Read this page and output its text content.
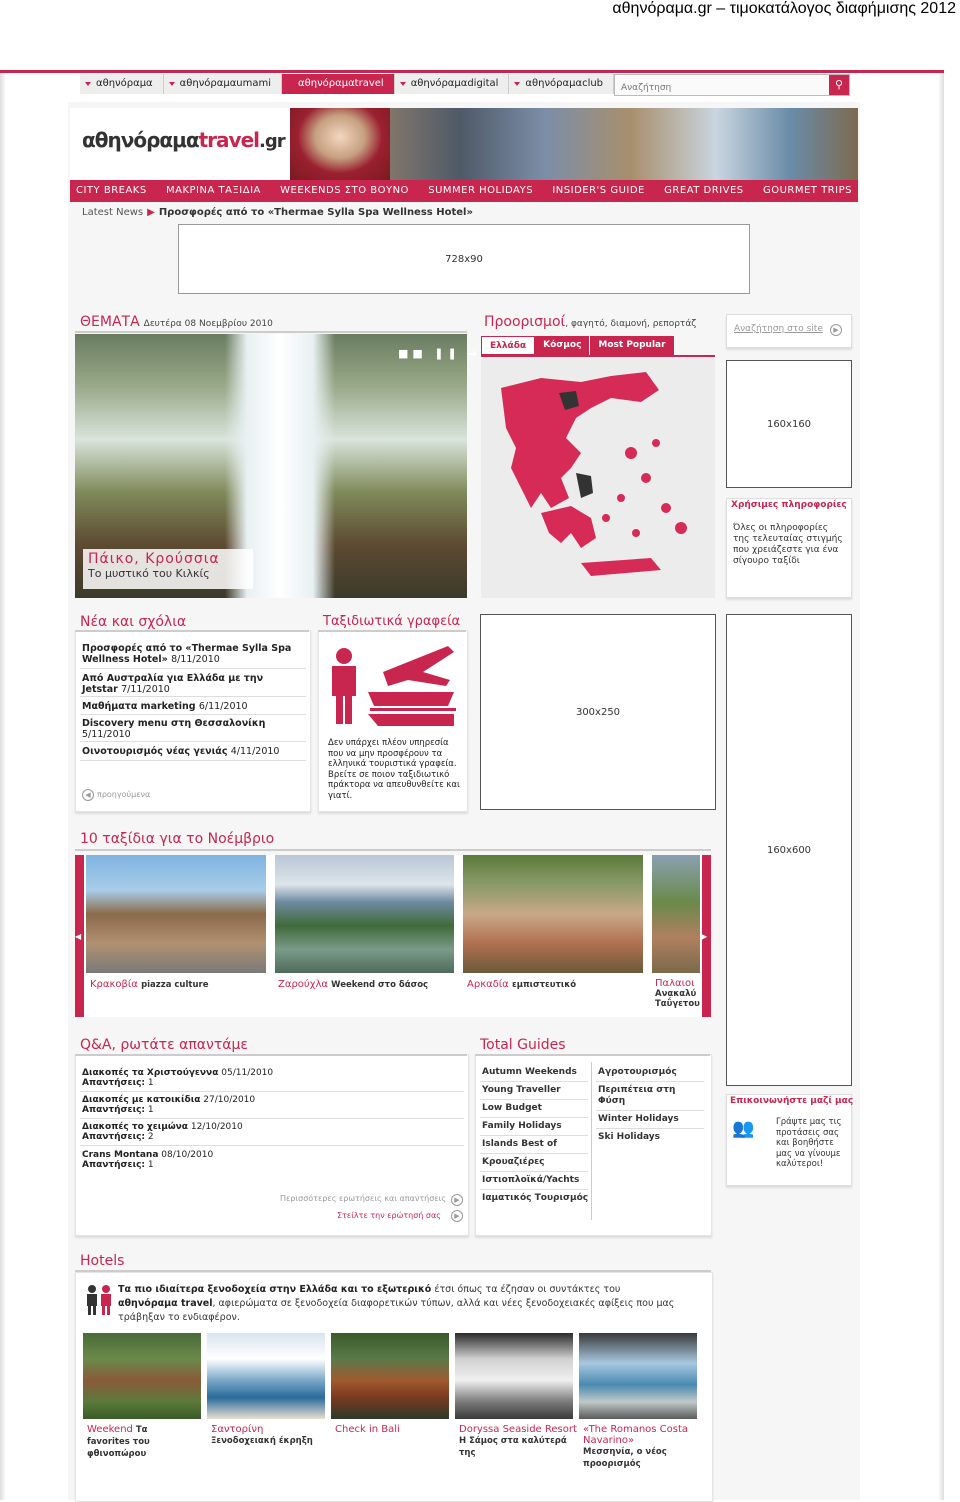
αθηνόραμα.gr – τιμοκατάλογος διαφήμισης 2012
αθηνόραμα	αθηνόραμαumami	αθηνόραμαtravel	αθηνόραμαdigital	αθηνόραμαclub
Αναζήτηση	⚲
αθηνόραμαtravel.gr
CITY BREAKS ΜΑΚΡΙΝΑ ΤΑΞΙΔΙΑ WEEKENDS ΣΤΟ ΒΟΥΝΟ SUMMER HOLIDAYS INSIDER'S GUIDE GREAT DRIVES GOURMET TRIPS
Latest News ▶ Προσφορές από το «Thermae Sylla Spa Wellness Hotel»
728x90
ΘΕΜΑΤΑ Δευτέρα 08 Νοεμβρίου 2010
■■ ❚❚ ➜
Πάικο, Κρούσσια
Το μυστικό του Κιλκίς
Προορισμοί, φαγητό, διαμονή, ρεπορτάζ
Ελλάδα	Κόσμος	Most Popular
Αναζήτηση στο site	▶
160x160
Χρήσιμες πληροφορίες
Όλες οι πληροφορίες της τελευταίας στιγμής που χρειάζεστε για ένα σίγουρο ταξίδι
160x600
Επικοινωνήστε μαζί μας
👥	Γράψτε μας τις προτάσεις σας και βοηθήστε μας να γίνουμε καλύτεροι!
Νέα και σχόλια
Προσφορές από το «Thermae Sylla Spa Wellness Hotel» 8/11/2010
Από Αυστραλία για Ελλάδα με την Jetstar 7/11/2010
Μαθήματα marketing 6/11/2010
Discovery menu στη Θεσσαλονίκη 5/11/2010
Οινοτουρισμός νέας γενιάς 4/11/2010
◀ προηγούμενα
Ταξιδιωτικά γραφεία
Δεν υπάρχει πλέον υπηρεσία που να μην προσφέρουν τα ελληνικά τουριστικά γραφεία. Βρείτε σε ποιον ταξιδιωτικό πράκτορα να απευθυνθείτε και γιατί.
300x250
10 ταξίδια για το Νοέμβριο
◀	▶
Κρακοβία piazza culture	Ζαρούχλα Weekend στο δάσος	Αρκαδία εμπιστευτικό	Παλαιοι Ανακαλύ Ταΰγετου
Q&A, ρωτάτε απαντάμε
Διακοπές τα Χριστούγεννα 05/11/2010
Απαντήσεις: 1
Διακοπές με κατοικίδια 27/10/2010
Απαντήσεις: 1
Διακοπές το χειμώνα 12/10/2010
Απαντήσεις: 2
Crans Montana 08/10/2010
Απαντήσεις: 1
Περισσότερες ερωτήσεις και απαντήσεις	▶
Στείλτε την ερώτησή σας	▶
Total Guides
Autumn Weekends
Young Traveller
Low Budget
Family Holidays
Islands Best of
Κρουαζιέρες
Ιστιοπλοϊκά/Yachts
Ιαματικός Τουρισμός
Αγροτουρισμός
Περιπέτεια στη Φύση
Winter Holidays
Ski Holidays
Hotels
Τα πιο ιδιαίτερα ξενοδοχεία στην Ελλάδα και το εξωτερικό έτσι όπως τα έζησαν οι συντάκτες του αθηνόραμα travel, αφιερώματα σε ξενοδοχεία διαφορετικών τύπων, αλλά και νέες ξενοδοχειακές αφίξεις που μας τράβηξαν το ενδιαφέρον.
Weekend Τα
favorites του φθινοπώρου
Σαντορίνη
Ξενοδοχειακή έκρηξη
Check in Bali	Doryssa Seaside Resort Η Σάμος στα καλύτερά της
«The Romanos Costa Navarino»
Μεσσηνία, ο νέος προορισμός
